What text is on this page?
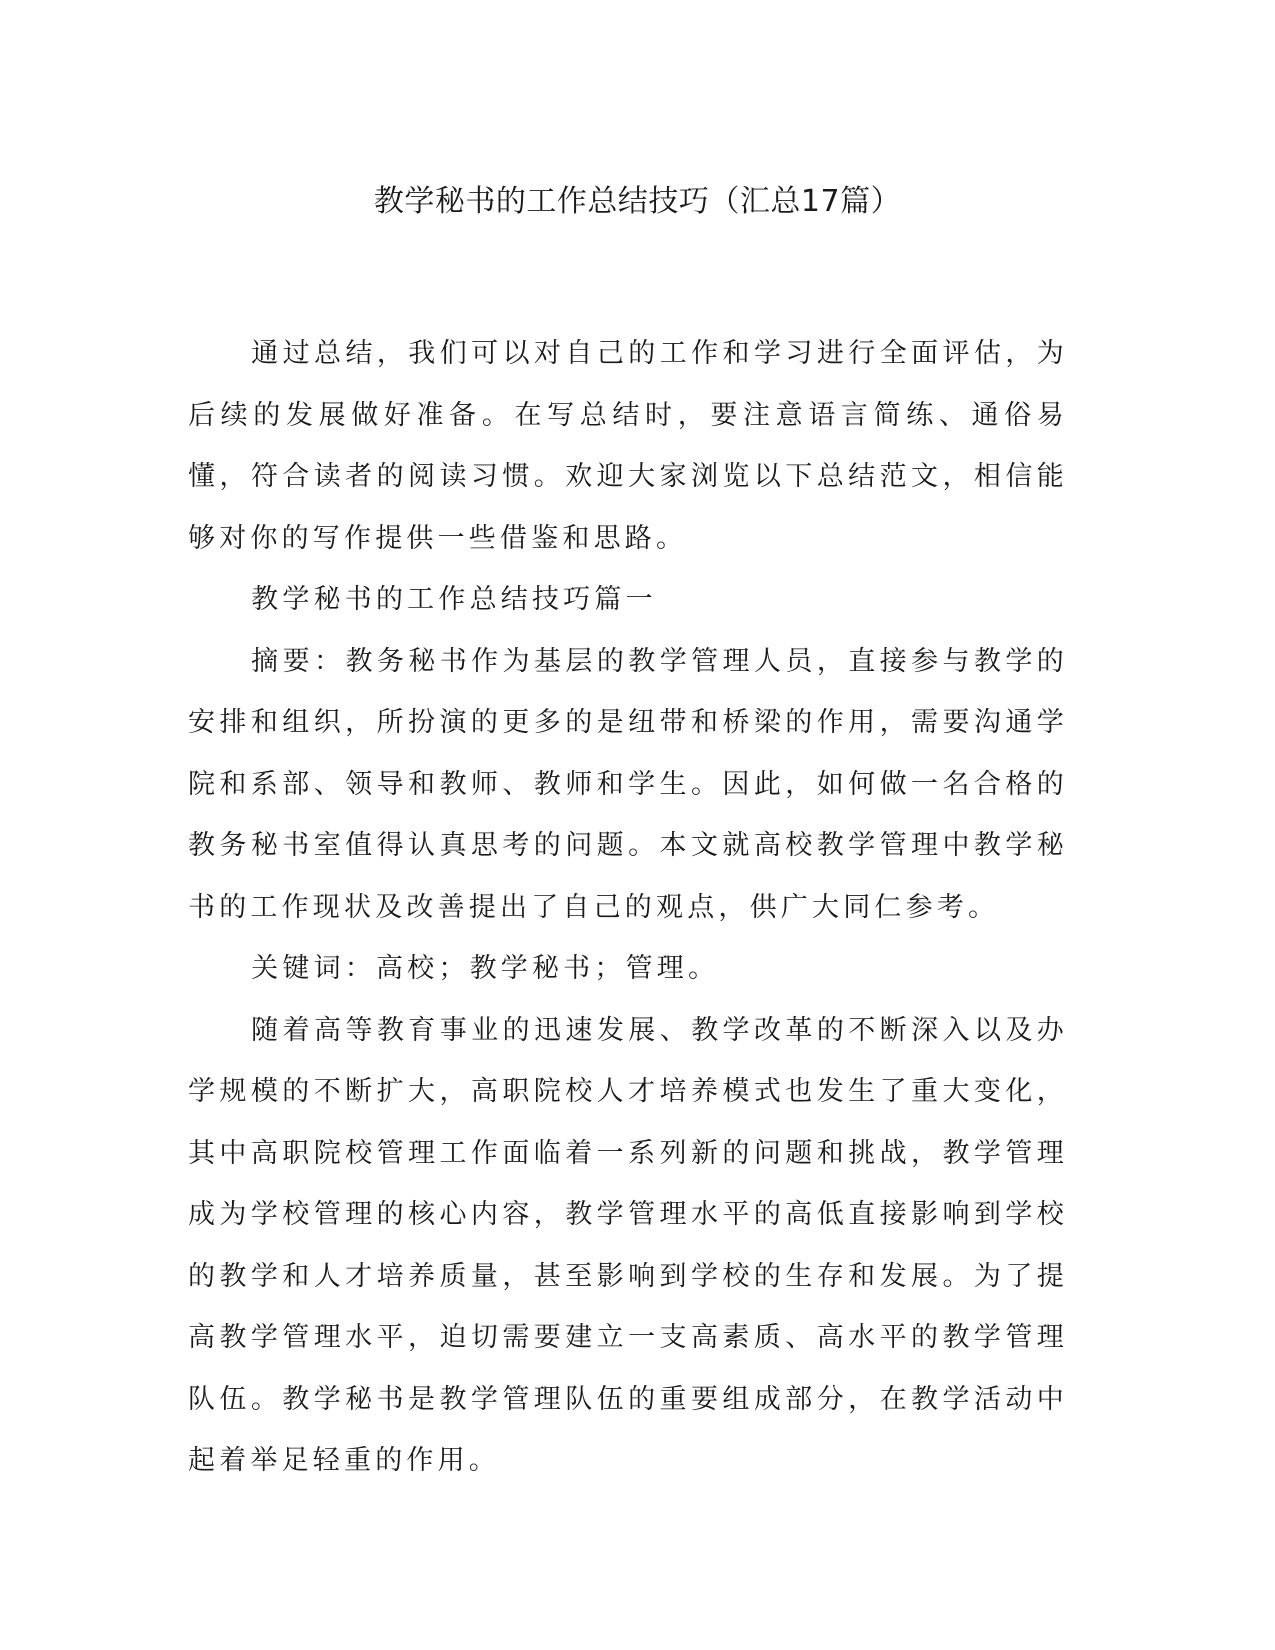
教学秘书的工作总结技巧（汇总17篇）

通过总结，我们可以对自己的工作和学习进行全面评估，为后续的发展做好准备。在写总结时，要注意语言简练、通俗易懂，符合读者的阅读习惯。欢迎大家浏览以下总结范文，相信能够对你的写作提供一些借鉴和思路。

教学秘书的工作总结技巧篇一

摘要：教务秘书作为基层的教学管理人员，直接参与教学的安排和组织，所扮演的更多的是纽带和桥梁的作用，需要沟通学院和系部、领导和教师、教师和学生。因此，如何做一名合格的教务秘书室值得认真思考的问题。本文就高校教学管理中教学秘书的工作现状及改善提出了自己的观点，供广大同仁参考。

关键词：高校；教学秘书；管理。

随着高等教育事业的迅速发展、教学改革的不断深入以及办学规模的不断扩大，高职院校人才培养模式也发生了重大变化，其中高职院校管理工作面临着一系列新的问题和挑战，教学管理成为学校管理的核心内容，教学管理水平的高低直接影响到学校的教学和人才培养质量，甚至影响到学校的生存和发展。为了提高教学管理水平，迫切需要建立一支高素质、高水平的教学管理队伍。教学秘书是教学管理队伍的重要组成部分，在教学活动中起着举足轻重的作用。
